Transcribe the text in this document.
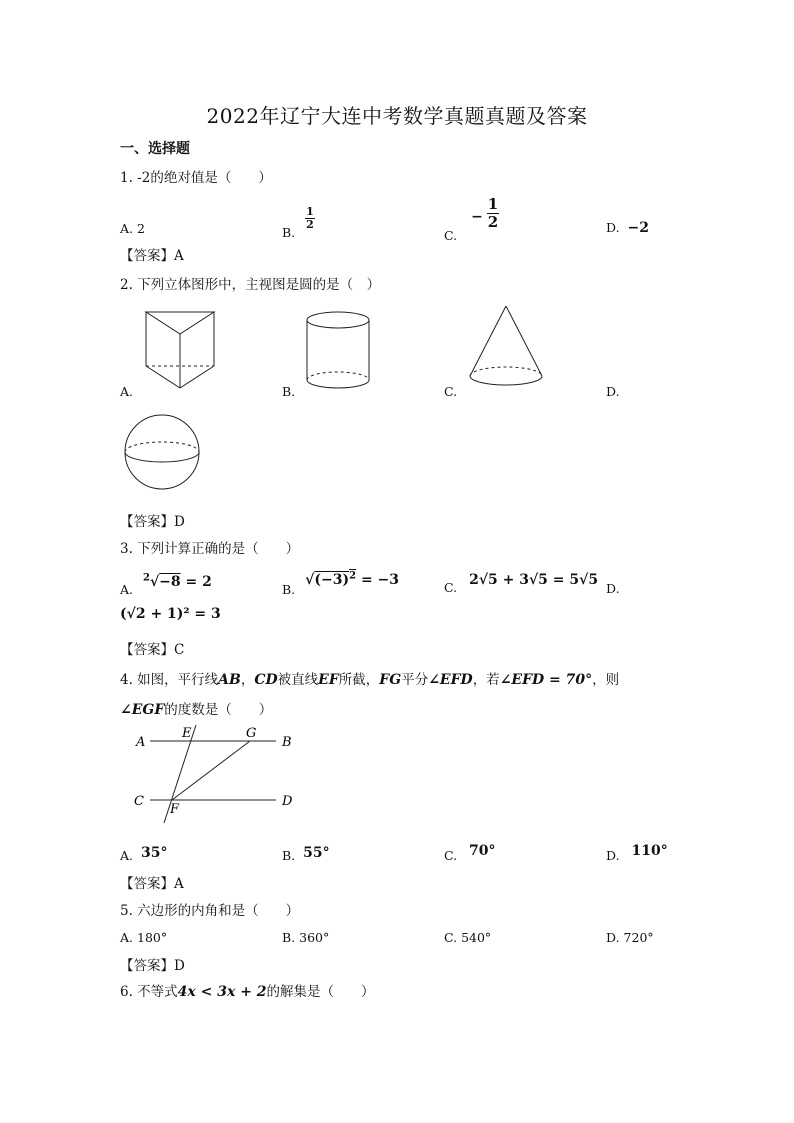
2022年辽宁大连中考数学真题真题及答案
一、选择题
1. -2的绝对值是（　　）
A. 2	B.
$\frac{1}{2}$
C. − $\frac{1}{2}$	D. −2
【答案】A
2. 下列立体图形中，主视图是圆的是（　）
A.	B.	C.	D.
【答案】D
3. 下列计算正确的是（　　）
A. $^2$√−8 = 2	B. $√(-3)^2 = -3$	C. 2√5 + 3√5 = 5√5
D.
(√2 + 1)² = 3
【答案】C
4. 如图，平行线AB，CD被直线EF所截，FG平分∠EFD，若∠EFD = 70°，则
∠EGF的度数是（　　）
A
E	G
B
C
F
D
A. 35°	B. 55°	C. 70°	D. 110°
【答案】A
5. 六边形的内角和是（　　）
A. 180°	B. 360°	C. 540°	D. 720°
【答案】D
6. 不等式4x < 3x + 2的解集是（　　）
